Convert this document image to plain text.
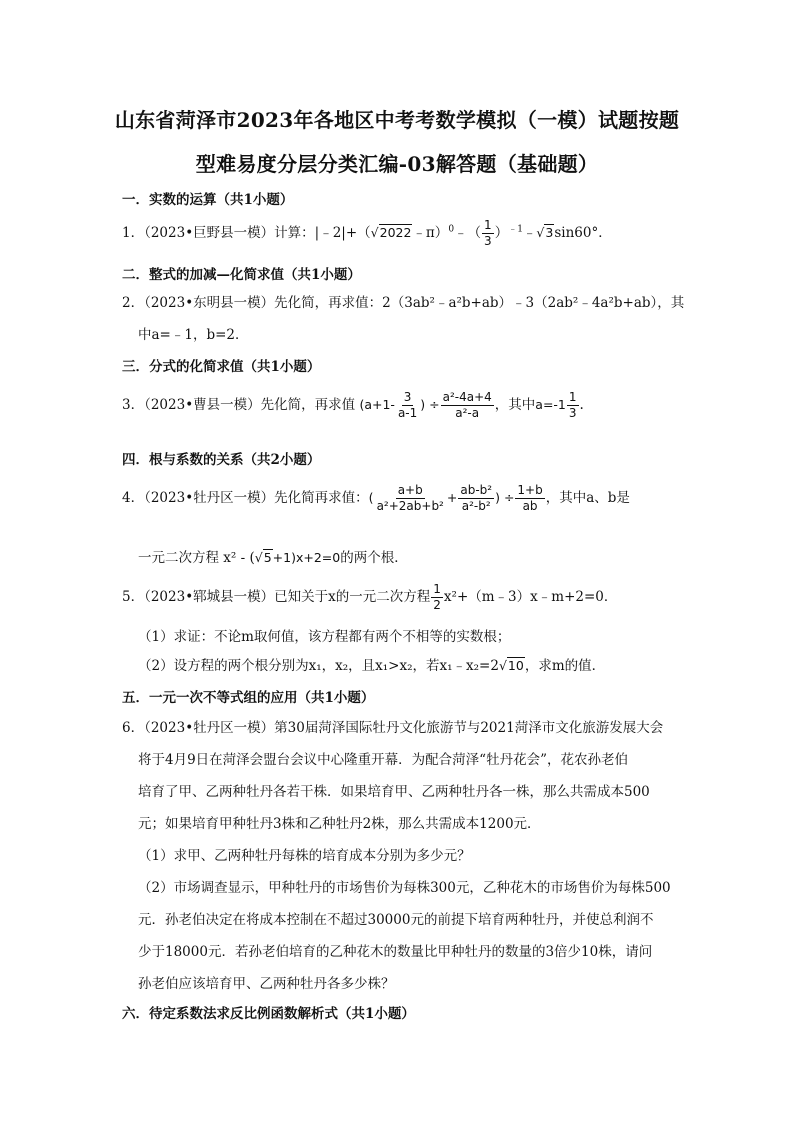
山东省菏泽市2023年各地区中考考数学模拟（一模）试题按题
型难易度分层分类汇编-03解答题（基础题）
一．实数的运算（共1小题）
1．（2023•巨野县一模）计算：|﹣2|+（√2022﹣π）$^0$﹣（ $\frac{1}{3}$ ）$^{﹣1}$﹣√3sin60°．
二．整式的加减—化简求值（共1小题）
2．（2023•东明县一模）先化简，再求值：2（3ab²﹣a²b+ab）﹣3（2ab²﹣4a²b+ab），其
中a=﹣1，b=2．
三．分式的化简求值（共1小题）
3．（2023•曹县一模）先化简，再求值 ($a+1- \frac{3}{a-1}$ ) ÷ $\frac{\text{a²-4a+4}}{\text{a²-a}}$ ，其中$a=-1 \frac{1}{3}$ .
四．根与系数的关系（共2小题）
4．（2023•牡丹区一模）先化简再求值：( $\frac{a+b}{\text{a²+2ab+b²}} + \frac{\text{ab-b²}}{\text{a²-b²}}$ ) ÷ $\frac{1+b}{ab}$ ，其中a、b是
一元二次方程 x² - (√5+1)x+2=0的两个根．
5．（2023•郓城县一模）已知关于x的一元二次方程 $\frac{1}{2}$ x²+（m﹣3）x﹣m+2=0．
（1）求证：不论m取何值，该方程都有两个不相等的实数根；
（2）设方程的两个根分别为x₁，x₂，且x₁>x₂，若x₁﹣x₂=2√10，求m的值．
五．一元一次不等式组的应用（共1小题）
6．（2023•牡丹区一模）第30届菏泽国际牡丹文化旅游节与2021菏泽市文化旅游发展大会
将于4月9日在菏泽会盟台会议中心隆重开幕．为配合菏泽“牡丹花会”，花农孙老伯
培育了甲、乙两种牡丹各若干株．如果培育甲、乙两种牡丹各一株，那么共需成本500
元；如果培育甲种牡丹3株和乙种牡丹2株，那么共需成本1200元．
（1）求甲、乙两种牡丹每株的培育成本分别为多少元？
（2）市场调查显示，甲种牡丹的市场售价为每株300元，乙种花木的市场售价为每株500
元．孙老伯决定在将成本控制在不超过30000元的前提下培育两种牡丹，并使总利润不
少于18000元．若孙老伯培育的乙种花木的数量比甲种牡丹的数量的3倍少10株，请问
孙老伯应该培育甲、乙两种牡丹各多少株？
六．待定系数法求反比例函数解析式（共1小题）
